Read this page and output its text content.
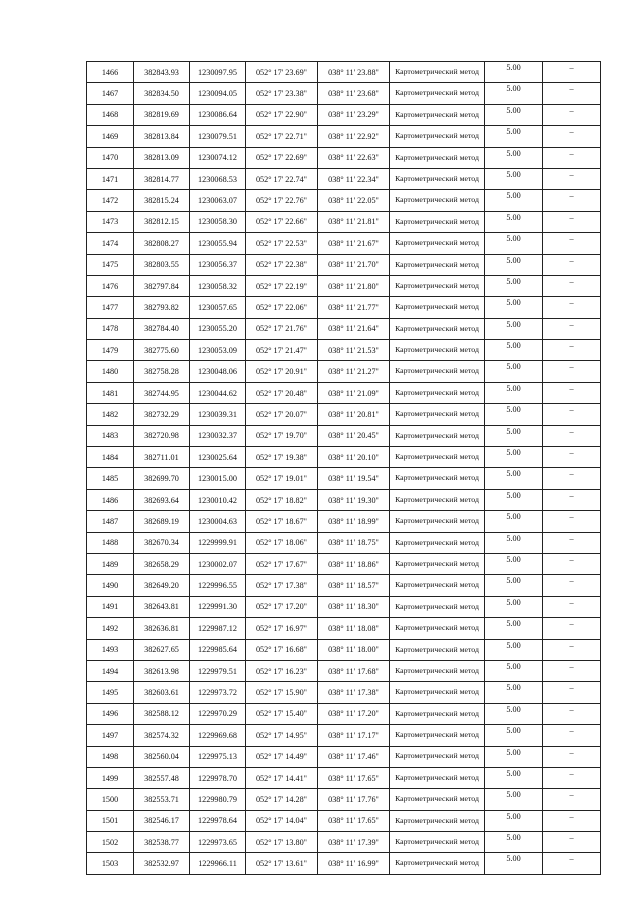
1466	382843.93	1230097.95	052° 17' 23.69"	038° 11' 23.88"	Картометрический метод	5.00	–
1467	382834.50	1230094.05	052° 17' 23.38"	038° 11' 23.68"	Картометрический метод	5.00	–
1468	382819.69	1230086.64	052° 17' 22.90"	038° 11' 23.29"	Картометрический метод	5.00	–
1469	382813.84	1230079.51	052° 17' 22.71"	038° 11' 22.92"	Картометрический метод	5.00	–
1470	382813.09	1230074.12	052° 17' 22.69"	038° 11' 22.63"	Картометрический метод	5.00	–
1471	382814.77	1230068.53	052° 17' 22.74"	038° 11' 22.34"	Картометрический метод	5.00	–
1472	382815.24	1230063.07	052° 17' 22.76"	038° 11' 22.05"	Картометрический метод	5.00	–
1473	382812.15	1230058.30	052° 17' 22.66"	038° 11' 21.81"	Картометрический метод	5.00	–
1474	382808.27	1230055.94	052° 17' 22.53"	038° 11' 21.67"	Картометрический метод	5.00	–
1475	382803.55	1230056.37	052° 17' 22.38"	038° 11' 21.70"	Картометрический метод	5.00	–
1476	382797.84	1230058.32	052° 17' 22.19"	038° 11' 21.80"	Картометрический метод	5.00	–
1477	382793.82	1230057.65	052° 17' 22.06"	038° 11' 21.77"	Картометрический метод	5.00	–
1478	382784.40	1230055.20	052° 17' 21.76"	038° 11' 21.64"	Картометрический метод	5.00	–
1479	382775.60	1230053.09	052° 17' 21.47"	038° 11' 21.53"	Картометрический метод	5.00	–
1480	382758.28	1230048.06	052° 17' 20.91"	038° 11' 21.27"	Картометрический метод	5.00	–
1481	382744.95	1230044.62	052° 17' 20.48"	038° 11' 21.09"	Картометрический метод	5.00	–
1482	382732.29	1230039.31	052° 17' 20.07"	038° 11' 20.81"	Картометрический метод	5.00	–
1483	382720.98	1230032.37	052° 17' 19.70"	038° 11' 20.45"	Картометрический метод	5.00	–
1484	382711.01	1230025.64	052° 17' 19.38"	038° 11' 20.10"	Картометрический метод	5.00	–
1485	382699.70	1230015.00	052° 17' 19.01"	038° 11' 19.54"	Картометрический метод	5.00	–
1486	382693.64	1230010.42	052° 17' 18.82"	038° 11' 19.30"	Картометрический метод	5.00	–
1487	382689.19	1230004.63	052° 17' 18.67"	038° 11' 18.99"	Картометрический метод	5.00	–
1488	382670.34	1229999.91	052° 17' 18.06"	038° 11' 18.75"	Картометрический метод	5.00	–
1489	382658.29	1230002.07	052° 17' 17.67"	038° 11' 18.86"	Картометрический метод	5.00	–
1490	382649.20	1229996.55	052° 17' 17.38"	038° 11' 18.57"	Картометрический метод	5.00	–
1491	382643.81	1229991.30	052° 17' 17.20"	038° 11' 18.30"	Картометрический метод	5.00	–
1492	382636.81	1229987.12	052° 17' 16.97"	038° 11' 18.08"	Картометрический метод	5.00	–
1493	382627.65	1229985.64	052° 17' 16.68"	038° 11' 18.00"	Картометрический метод	5.00	–
1494	382613.98	1229979.51	052° 17' 16.23"	038° 11' 17.68"	Картометрический метод	5.00	–
1495	382603.61	1229973.72	052° 17' 15.90"	038° 11' 17.38"	Картометрический метод	5.00	–
1496	382588.12	1229970.29	052° 17' 15.40"	038° 11' 17.20"	Картометрический метод	5.00	–
1497	382574.32	1229969.68	052° 17' 14.95"	038° 11' 17.17"	Картометрический метод	5.00	–
1498	382560.04	1229975.13	052° 17' 14.49"	038° 11' 17.46"	Картометрический метод	5.00	–
1499	382557.48	1229978.70	052° 17' 14.41"	038° 11' 17.65"	Картометрический метод	5.00	–
1500	382553.71	1229980.79	052° 17' 14.28"	038° 11' 17.76"	Картометрический метод	5.00	–
1501	382546.17	1229978.64	052° 17' 14.04"	038° 11' 17.65"	Картометрический метод	5.00	–
1502	382538.77	1229973.65	052° 17' 13.80"	038° 11' 17.39"	Картометрический метод	5.00	–
1503	382532.97	1229966.11	052° 17' 13.61"	038° 11' 16.99"	Картометрический метод	5.00	–
